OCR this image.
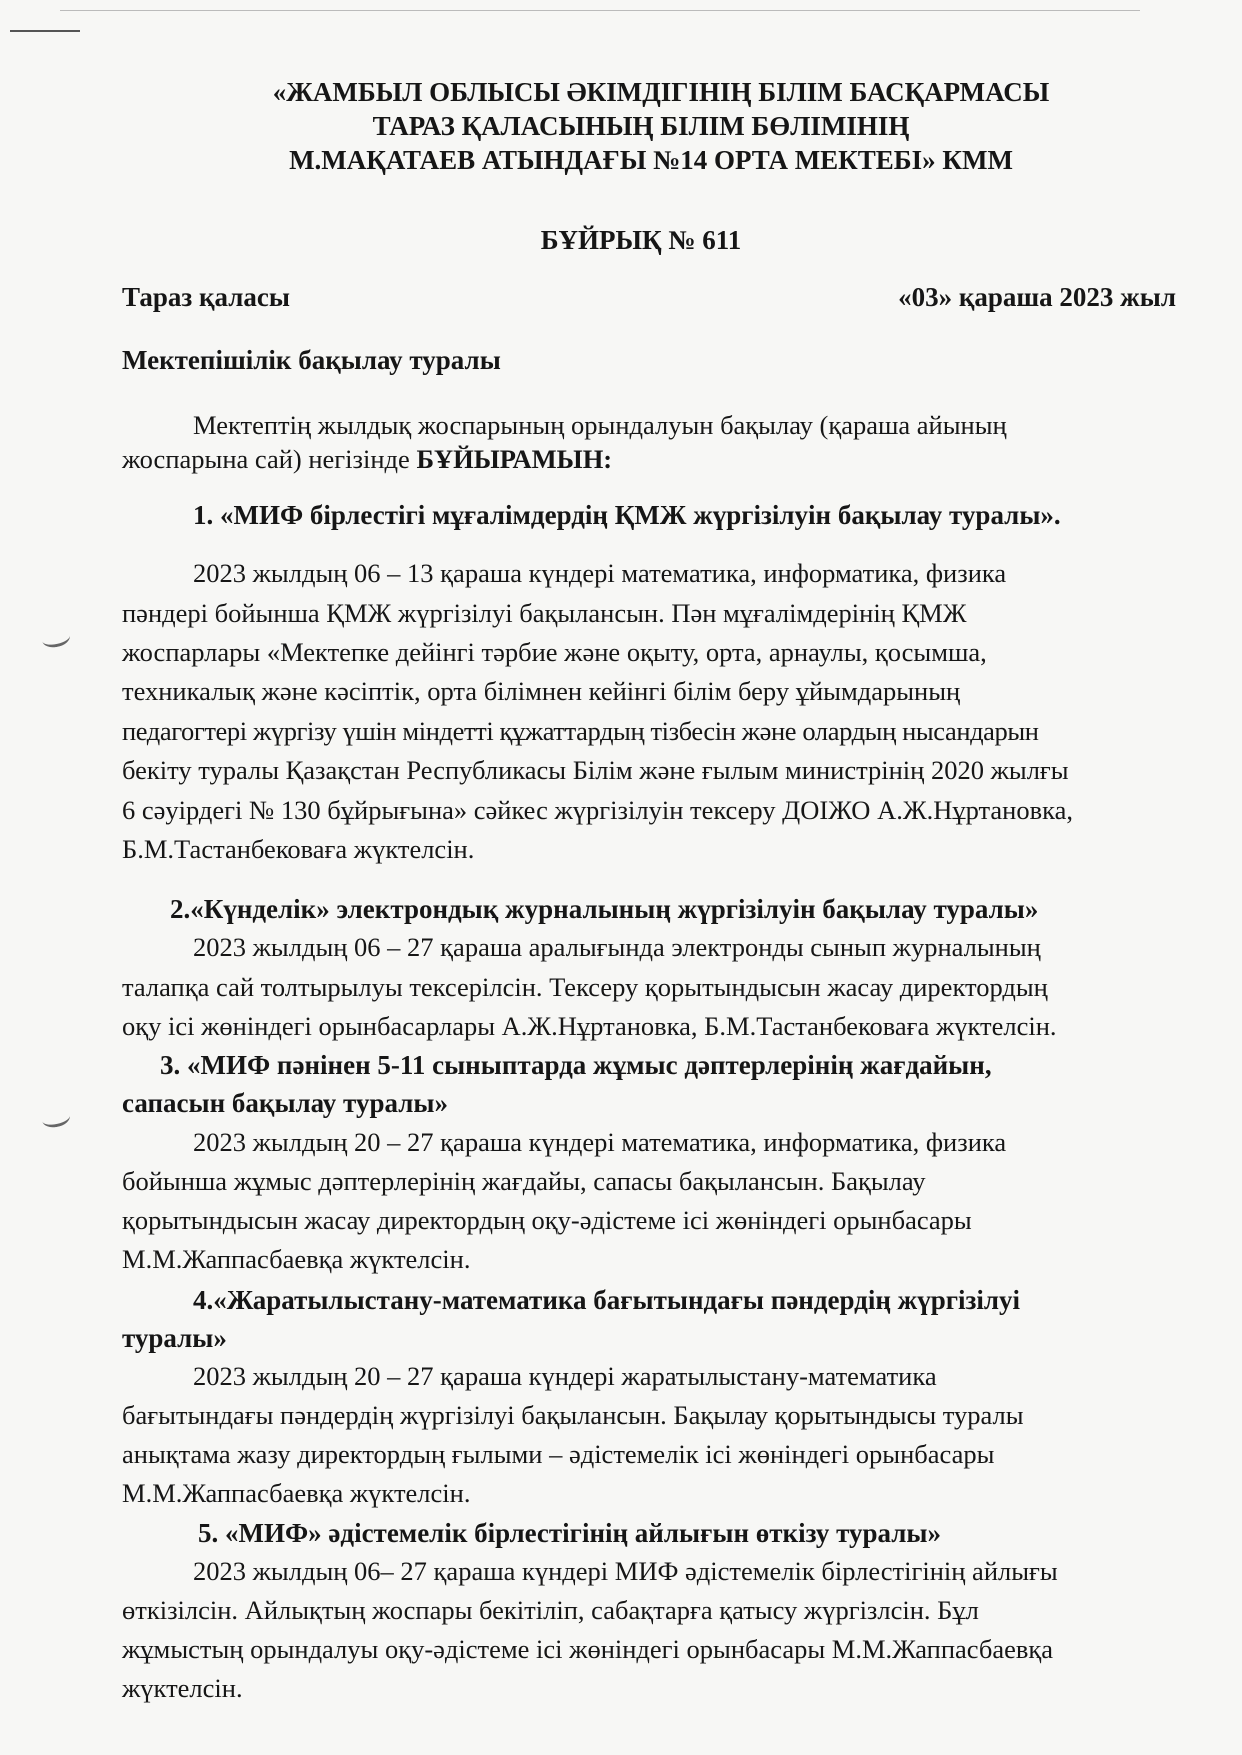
«ЖАМБЫЛ ОБЛЫСЫ ӘКІМДІГІНІҢ БІЛІМ БАСҚАРМАСЫ
ТАРАЗ ҚАЛАСЫНЫҢ БІЛІМ БӨЛІМІНІҢ
М.МАҚАТАЕВ АТЫНДАҒЫ №14 ОРТА МЕКТЕБІ» КММ
БҰЙРЫҚ № 611
Тараз қаласы	«03» қараша 2023 жыл
Мектепішілік бақылау туралы
Мектептің жылдық жоспарының орындалуын бақылау (қараша айының
жоспарына сай) негізінде БҰЙЫРАМЫН:
1. «МИФ бірлестігі мұғалімдердің ҚМЖ жүргізілуін бақылау туралы».
2023 жылдың 06 – 13 қараша күндері математика, информатика, физика
пәндері бойынша ҚМЖ жүргізілуі бақылансын. Пән мұғалімдерінің ҚМЖ
жоспарлары «Мектепке дейінгі тәрбие және оқыту, орта, арнаулы, қосымша,
техникалық және кәсіптік, орта білімнен кейінгі білім беру ұйымдарының
педагогтері жүргізу үшін міндетті құжаттардың тізбесін және олардың нысандарын
бекіту туралы Қазақстан Республикасы Білім және ғылым министрінің 2020 жылғы
6 сәуірдегі № 130 бұйрығына» сәйкес жүргізілуін тексеру ДОІЖО А.Ж.Нұртановка,
Б.М.Тастанбековаға жүктелсін.
2.«Күнделік» электрондық журналының жүргізілуін бақылау туралы»
2023 жылдың 06 – 27 қараша аралығында электронды сынып журналының
талапқа сай толтырылуы тексерілсін. Тексеру қорытындысын жасау директордың
оқу ісі жөніндегі орынбасарлары А.Ж.Нұртановка, Б.М.Тастанбековаға жүктелсін.
3. «МИФ пәнінен 5-11 сыныптарда жұмыс дәптерлерінің жағдайын,
сапасын бақылау туралы»
2023 жылдың 20 – 27 қараша күндері математика, информатика, физика
бойынша жұмыс дәптерлерінің жағдайы, сапасы бақылансын. Бақылау
қорытындысын жасау директордың оқу-әдістеме ісі жөніндегі орынбасары
М.М.Жаппасбаевқа жүктелсін.
4.«Жаратылыстану-математика бағытындағы пәндердің жүргізілуі
туралы»
2023 жылдың 20 – 27 қараша күндері жаратылыстану-математика
бағытындағы пәндердің жүргізілуі бақылансын. Бақылау қорытындысы туралы
анықтама жазу директордың ғылыми – әдістемелік ісі жөніндегі орынбасары
М.М.Жаппасбаевқа жүктелсін.
5. «МИФ» әдістемелік бірлестігінің айлығын өткізу туралы»
2023 жылдың 06– 27 қараша күндері МИФ әдістемелік бірлестігінің айлығы
өткізілсін. Айлықтың жоспары бекітіліп, сабақтарға қатысу жүргізлсін. Бұл
жұмыстың орындалуы оқу-әдістеме ісі жөніндегі орынбасары М.М.Жаппасбаевқа
жүктелсін.
